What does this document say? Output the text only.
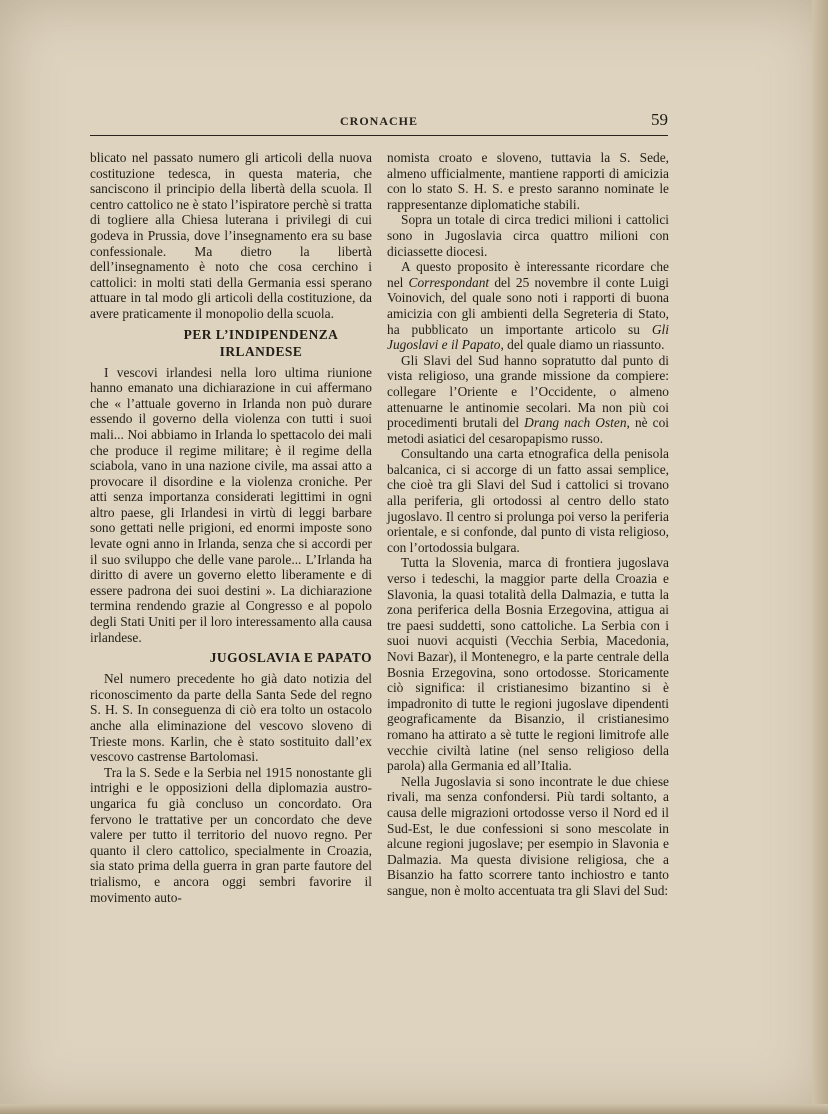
CRONACHE	59

blicato nel passato numero gli articoli della nuova costituzione tedesca, in questa materia, che sanciscono il principio della libertà della scuola. Il centro cattolico ne è stato l’ispiratore perchè si tratta di togliere alla Chiesa luterana i privilegi di cui godeva in Prussia, dove l’insegnamento era su base confessionale. Ma dietro la libertà dell’insegnamento è noto che cosa cerchino i cattolici: in molti stati della Germania essi sperano attuare in tal modo gli articoli della costituzione, da avere praticamente il monopolio della scuola.

PER L’INDIPENDENZA IRLANDESE

I vescovi irlandesi nella loro ultima riunione hanno emanato una dichiarazione in cui affermano che « l’attuale governo in Irlanda non può durare essendo il governo della violenza con tutti i suoi mali... Noi abbiamo in Irlanda lo spettacolo dei mali che produce il regime militare; è il regime della sciabola, vano in una nazione civile, ma assai atto a provocare il disordine e la violenza croniche. Per atti senza importanza considerati legittimi in ogni altro paese, gli Irlandesi in virtù di leggi barbare sono gettati nelle prigioni, ed enormi imposte sono levate ogni anno in Irlanda, senza che si accordi per il suo sviluppo che delle vane parole... L’Irlanda ha diritto di avere un governo eletto liberamente e di essere padrona dei suoi destini ». La dichiarazione termina rendendo grazie al Congresso e al popolo degli Stati Uniti per il loro interessamento alla causa irlandese.

JUGOSLAVIA E PAPATO

Nel numero precedente ho già dato notizia del riconoscimento da parte della Santa Sede del regno S. H. S. In conseguenza di ciò era tolto un ostacolo anche alla eliminazione del vescovo sloveno di Trieste mons. Karlin, che è stato sostituito dall’ex vescovo castrense Bartolomasi.

Tra la S. Sede e la Serbia nel 1915 nonostante gli intrighi e le opposizioni della diplomazia austro-ungarica fu già concluso un concordato. Ora fervono le trattative per un concordato che deve valere per tutto il territorio del nuovo regno. Per quanto il clero cattolico, specialmente in Croazia, sia stato prima della guerra in gran parte fautore del trialismo, e ancora oggi sembri favorire il movimento auto-

nomista croato e sloveno, tuttavia la S. Sede, almeno ufficialmente, mantiene rapporti di amicizia con lo stato S. H. S. e presto saranno nominate le rappresentanze diplomatiche stabili.

Sopra un totale di circa tredici milioni i cattolici sono in Jugoslavia circa quattro milioni con diciassette diocesi.

A questo proposito è interessante ricordare che nel Correspondant del 25 novembre il conte Luigi Voinovich, del quale sono noti i rapporti di buona amicizia con gli ambienti della Segreteria di Stato, ha pubblicato un importante articolo su Gli Jugoslavi e il Papato, del quale diamo un riassunto.

Gli Slavi del Sud hanno sopratutto dal punto di vista religioso, una grande missione da compiere: collegare l’Oriente e l’Occidente, o almeno attenuarne le antinomie secolari. Ma non più coi procedimenti brutali del Drang nach Osten, nè coi metodi asiatici del cesaropapismo russo.

Consultando una carta etnografica della penisola balcanica, ci si accorge di un fatto assai semplice, che cioè tra gli Slavi del Sud i cattolici si trovano alla periferia, gli ortodossi al centro dello stato jugoslavo. Il centro si prolunga poi verso la periferia orientale, e si confonde, dal punto di vista religioso, con l’ortodossia bulgara.

Tutta la Slovenia, marca di frontiera jugoslava verso i tedeschi, la maggior parte della Croazia e Slavonia, la quasi totalità della Dalmazia, e tutta la zona periferica della Bosnia Erzegovina, attigua ai tre paesi suddetti, sono cattoliche. La Serbia con i suoi nuovi acquisti (Vecchia Serbia, Macedonia, Novi Bazar), il Montenegro, e la parte centrale della Bosnia Erzegovina, sono ortodosse. Storicamente ciò significa: il cristianesimo bizantino si è impadronito di tutte le regioni jugoslave dipendenti geograficamente da Bisanzio, il cristianesimo romano ha attirato a sè tutte le regioni limitrofe alle vecchie civiltà latine (nel senso religioso della parola) alla Germania ed all’Italia.

Nella Jugoslavia si sono incontrate le due chiese rivali, ma senza confondersi. Più tardi soltanto, a causa delle migrazioni ortodosse verso il Nord ed il Sud-Est, le due confessioni si sono mescolate in alcune regioni jugoslave; per esempio in Slavonia e Dalmazia. Ma questa divisione religiosa, che a Bisanzio ha fatto scorrere tanto inchiostro e tanto sangue, non è molto accentuata tra gli Slavi del Sud:
